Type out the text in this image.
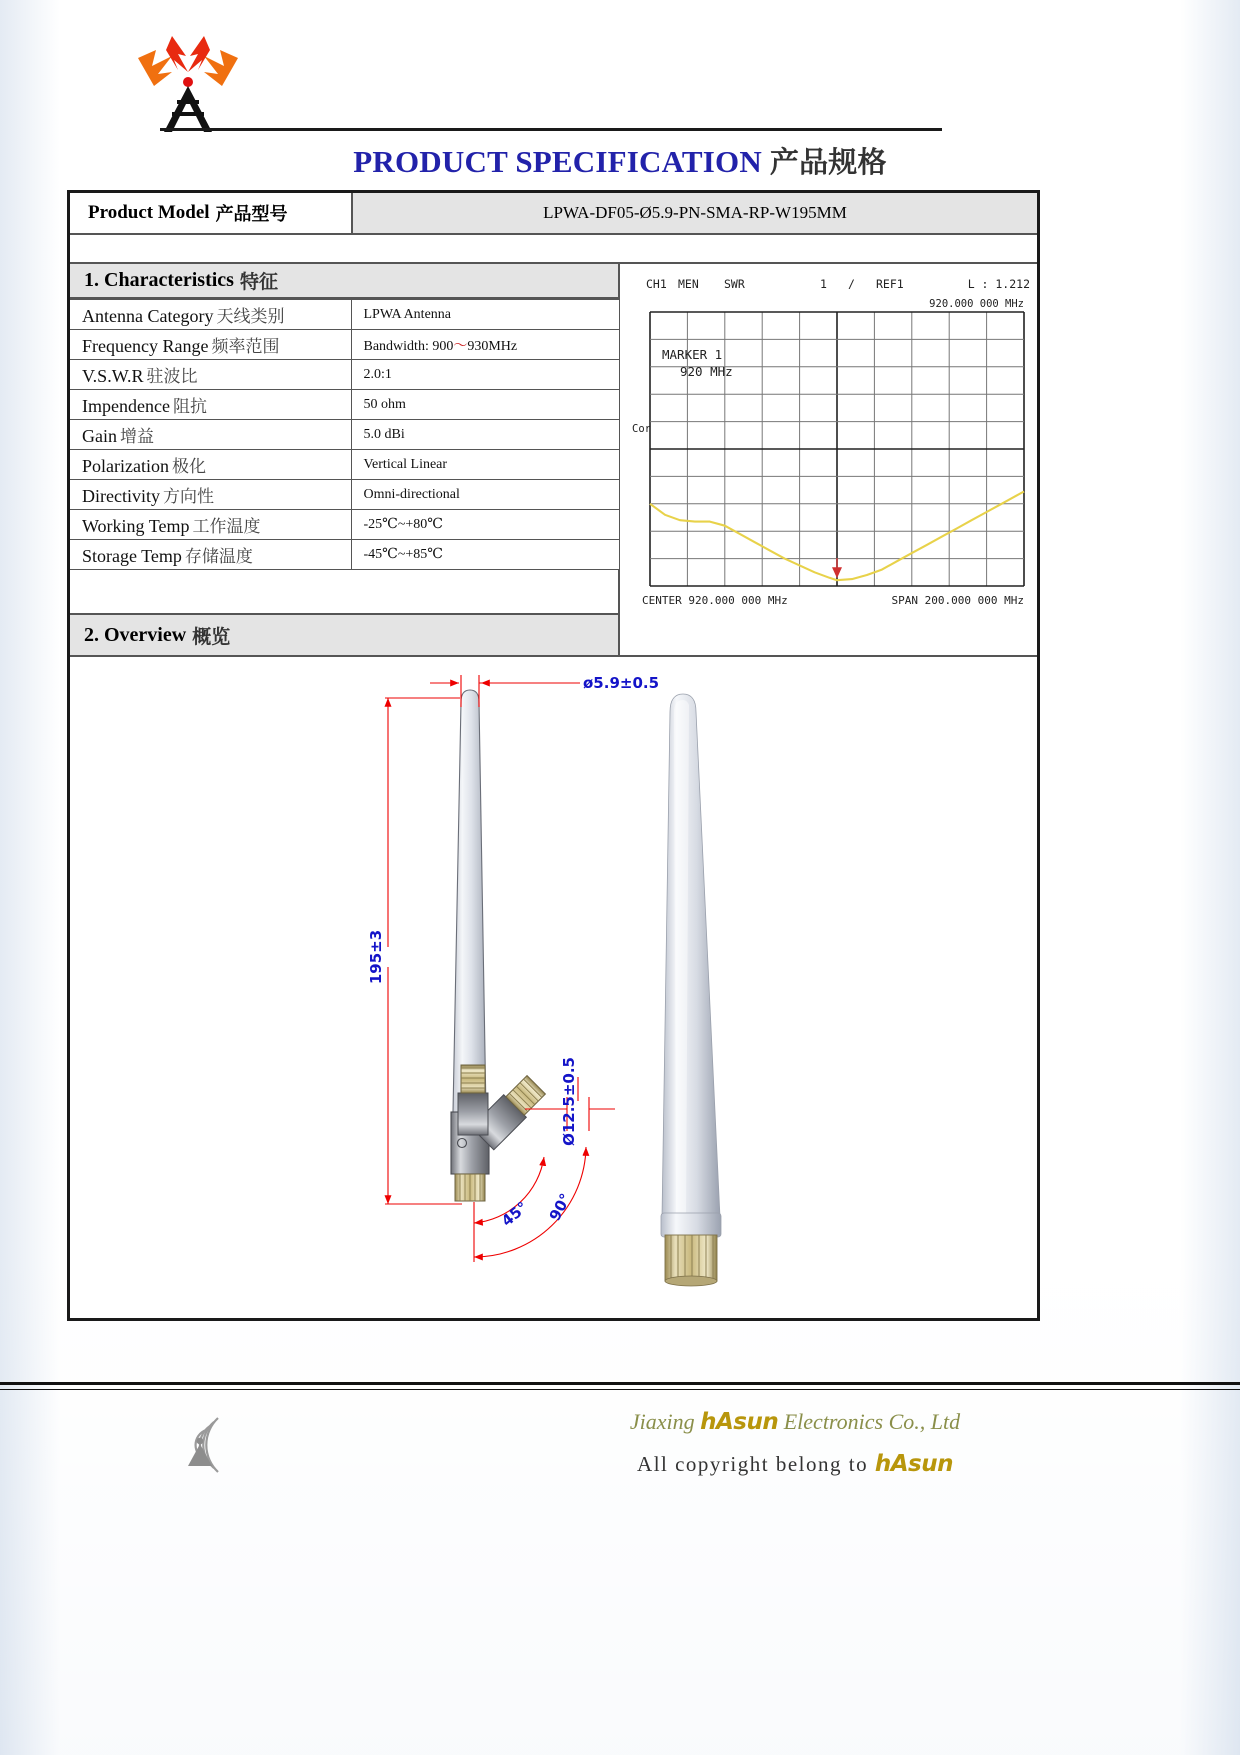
PRODUCT SPECIFICATION 产品规格
Product Model 产品型号	LPWA-DF05-Ø5.9-PN-SMA-RP-W195MM
1.
Characteristics 特征
Antenna Category 天线类别	LPWA Antenna
Frequency Range 频率范围	Bandwidth: 900～930MHz
V.S.W.R 驻波比	2.0:1
Impendence 阻抗	50 ohm
Gain 增益	5.0 dBi
Polarization 极化	Vertical Linear
Directivity 方向性	Omni-directional
Working Temp 工作温度	-25℃~+80℃
Storage Temp 存储温度	-45℃~+85℃
2.
Overview 概览
CH1 MEN SWR	1 / REF1	L : 1.212
920.000 000 MHz
Cor
MARKER 1
920 MHz
CENTER 920.000 000 MHz	SPAN 200.000 000 MHz
ø5.9±0.5
195±3
Ø12.5±0.5
45° 90°
Jiaxing hAsun Electronics Co., Ltd
All copyright belong to hAsun
